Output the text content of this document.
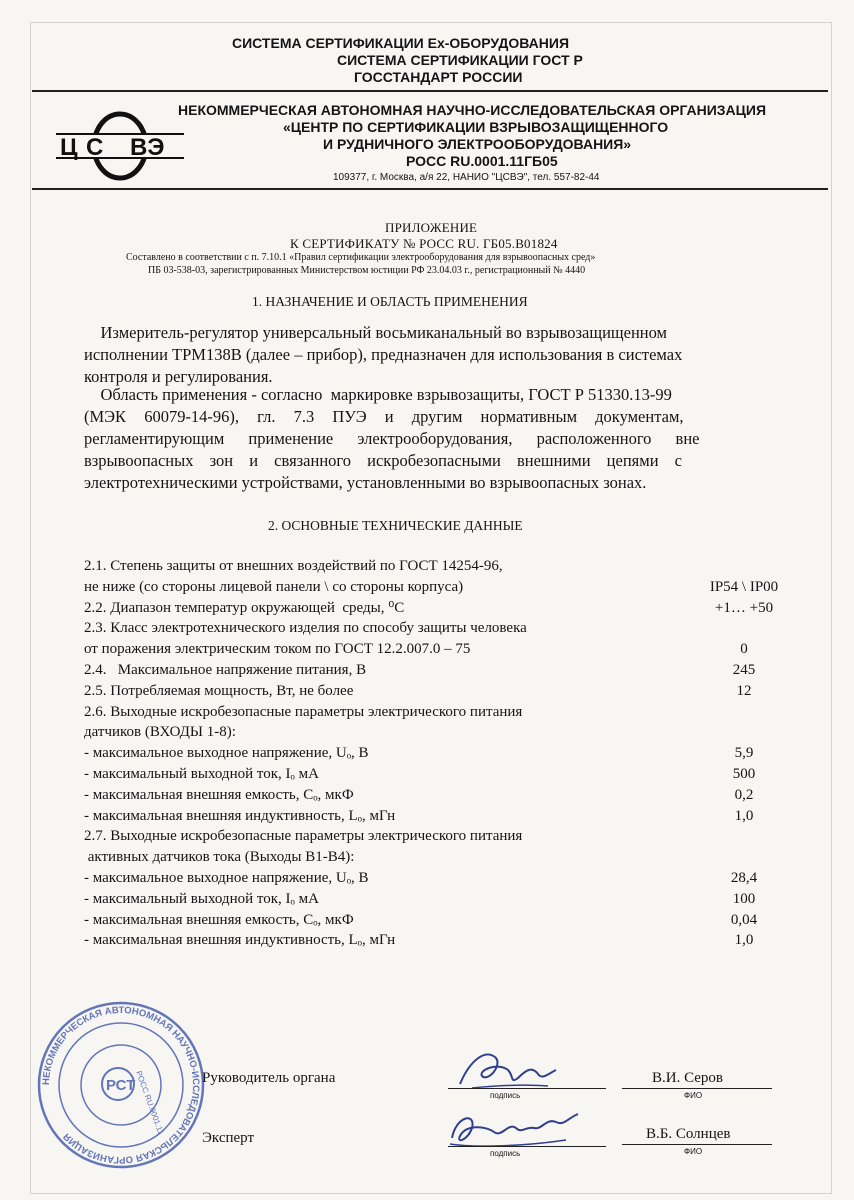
СИСТЕМА СЕРТИФИКАЦИИ Ex-ОБОРУДОВАНИЯ
СИСТЕМА СЕРТИФИКАЦИИ ГОСТ Р
ГОССТАНДАРТ РОССИИ
Ц С ВЭ
НЕКОММЕРЧЕСКАЯ АВТОНОМНАЯ НАУЧНО-ИССЛЕДОВАТЕЛЬСКАЯ ОРГАНИЗАЦИЯ
«ЦЕНТР ПО СЕРТИФИКАЦИИ ВЗРЫВОЗАЩИЩЕННОГО
И РУДНИЧНОГО ЭЛЕКТРООБОРУДОВАНИЯ»
РОСС RU.0001.11ГБ05
109377, г. Москва, а/я 22, НАНИО "ЦСВЭ", тел. 557-82-44
ПРИЛОЖЕНИЕ
К СЕРТИФИКАТУ № РОСС RU. ГБ05.В01824
Составлено в соответствии с п. 7.10.1 «Правил сертификации электрооборудования для взрывоопасных сред»
ПБ 03-538-03, зарегистрированных Министерством юстиции РФ 23.04.03 г., регистрационный № 4440
1. НАЗНАЧЕНИЕ И ОБЛАСТЬ ПРИМЕНЕНИЯ
Измеритель-регулятор универсальный восьмиканальный во взрывозащищенном
исполнении ТРМ138В (далее – прибор), предназначен для использования в системах
контроля и регулирования.
Область применения - согласно  маркировке взрывозащиты, ГОСТ Р 51330.13-99
(МЭК 60079-14-96), гл. 7.3 ПУЭ и другим нормативным документам,
регламентирующим применение электрооборудования, расположенного вне
взрывоопасных зон и связанного искробезопасными внешними цепями с
электротехническими устройствами, установленными во взрывоопасных зонах.
2. ОСНОВНЫЕ ТЕХНИЧЕСКИЕ ДАННЫЕ
2.1. Степень защиты от внешних воздействий по ГОСТ 14254-96,
не ниже (со стороны лицевой панели \ со стороны корпуса)	IP54 \ IP00
2.2. Диапазон температур окружающей  среды, ⁰С	+1… +50
2.3. Класс электротехнического изделия по способу защиты человека
от поражения электрическим током по ГОСТ 12.2.007.0 – 75	0
2.4.   Максимальное напряжение питания, В	245
2.5. Потребляемая мощность, Вт, не более	12
2.6. Выходные искробезопасные параметры электрического питания
датчиков (ВХОДЫ 1-8):
- максимальное выходное напряжение, Uₒ, В	5,9
- максимальный выходной ток, Iₒ мА	500
- максимальная внешняя емкость, Cₒ, мкФ	0,2
- максимальная внешняя индуктивность, Lₒ, мГн	1,0
2.7. Выходные искробезопасные параметры электрического питания
активных датчиков тока (Выходы В1-В4):
- максимальное выходное напряжение, Uₒ, В	28,4
- максимальный выходной ток, Iₒ мА	100
- максимальная внешняя емкость, Cₒ, мкФ	0,04
- максимальная внешняя индуктивность, Lₒ, мГн	1,0
НЕКОММЕРЧЕСКАЯ АВТОНОМНАЯ НАУЧНО-ИССЛЕДОВАТЕЛЬСКАЯ ОРГАНИЗАЦИЯ
РСТ
РОСС RU.0001.11 Руководитель органа
подпись
В.И. Серов
ФИО
Эксперт
подпись
В.Б. Солнцев
ФИО
